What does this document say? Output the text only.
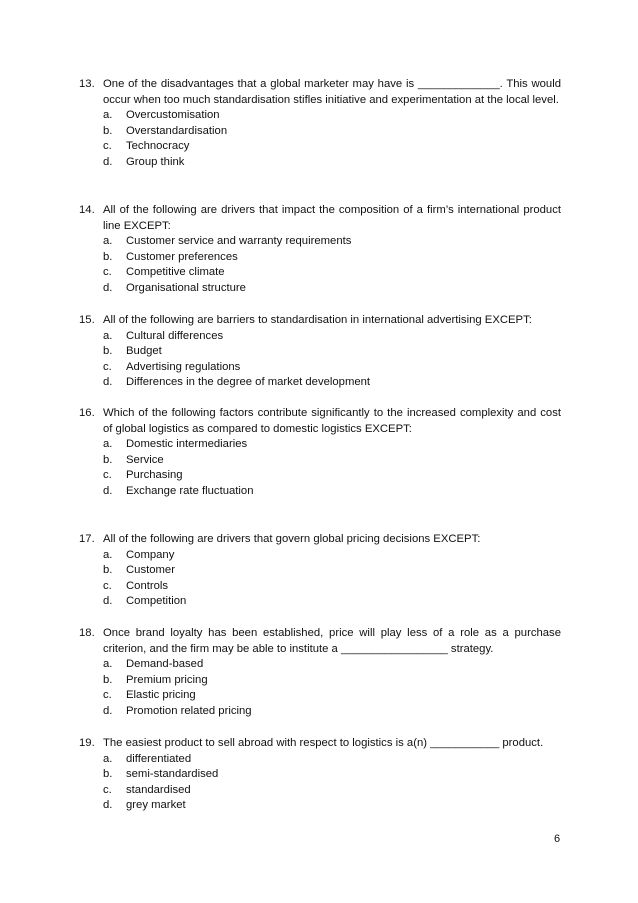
13. One of the disadvantages that a global marketer may have is _____________. This would occur when too much standardisation stifles initiative and experimentation at the local level.
a.	Overcustomisation
b.	Overstandardisation
c.	Technocracy
d.	Group think
14. All of the following are drivers that impact the composition of a firm’s international product line EXCEPT:
a.	Customer service and warranty requirements
b.	Customer preferences
c.	Competitive climate
d.	Organisational structure
15. All of the following are barriers to standardisation in international advertising EXCEPT:
a.	Cultural differences
b.	Budget
c.	Advertising regulations
d.	Differences in the degree of market development
16. Which of the following factors contribute significantly to the increased complexity and cost of global logistics as compared to domestic logistics EXCEPT:
a.	Domestic intermediaries
b.	Service
c.	Purchasing
d.	Exchange rate fluctuation
17. All of the following are drivers that govern global pricing decisions EXCEPT:
a.	Company
b.	Customer
c.	Controls
d.	Competition
18. Once brand loyalty has been established, price will play less of a role as a purchase criterion, and the firm may be able to institute a _________________ strategy.
a.	Demand-based
b.	Premium pricing
c.	Elastic pricing
d.	Promotion related pricing
19. The easiest product to sell abroad with respect to logistics is a(n) ___________ product.
a.	differentiated
b.	semi-standardised
c.	standardised
d.	grey market
6
